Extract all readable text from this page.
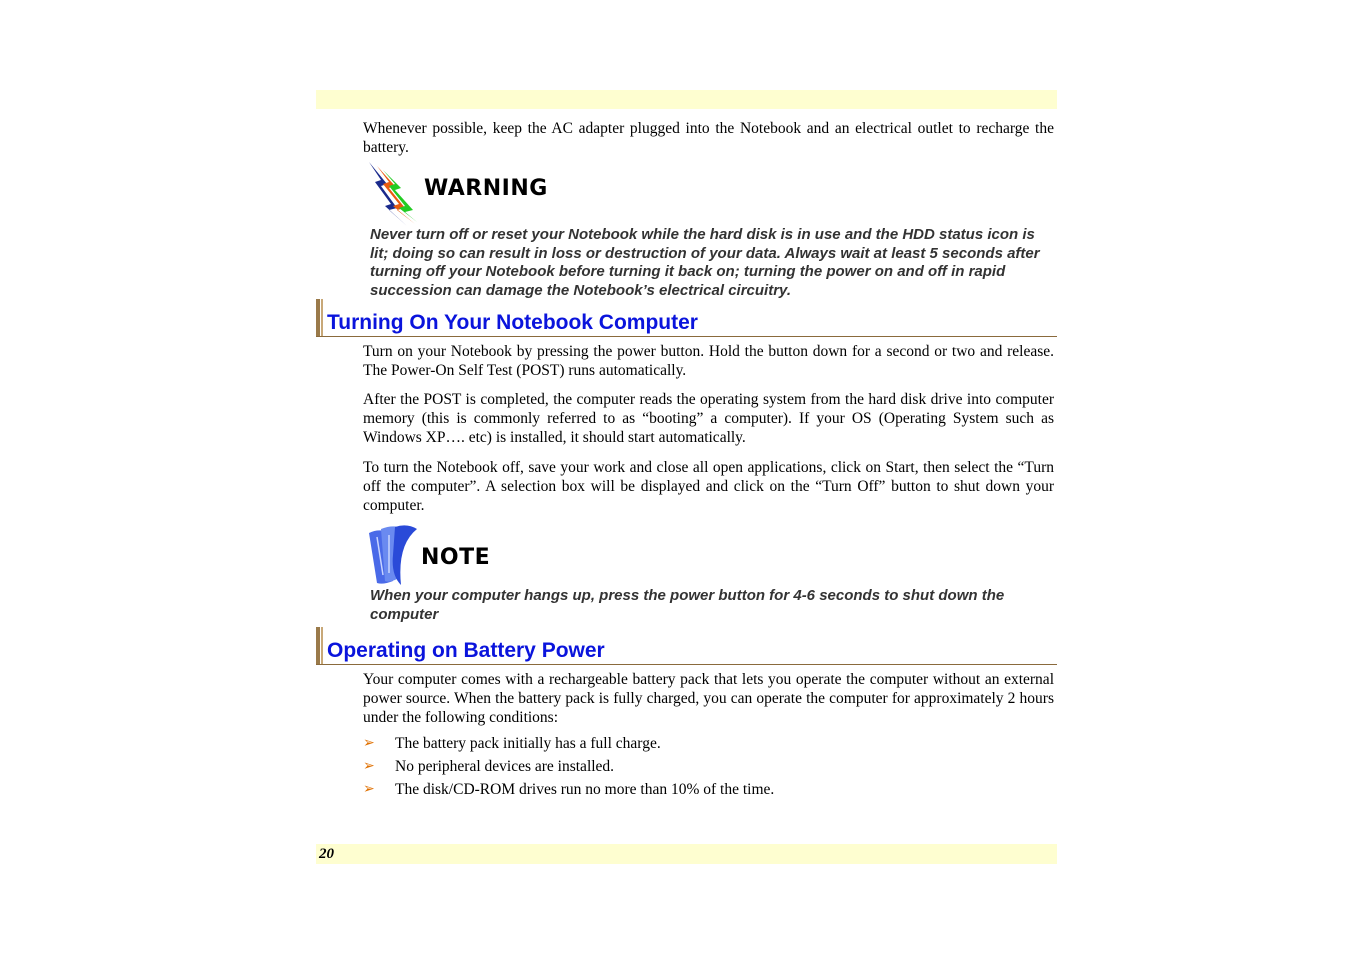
Whenever possible, keep the AC adapter plugged into the Notebook and an electrical outlet to recharge the battery.

WARNING

Never turn off or reset your Notebook while the hard disk is in use and the HDD status icon is lit; doing so can result in loss or destruction of your data. Always wait at least 5 seconds after turning off your Notebook before turning it back on; turning the power on and off in rapid succession can damage the Notebook’s electrical circuitry.

Turning On Your Notebook Computer

Turn on your Notebook by pressing the power button. Hold the button down for a second or two and release. The Power-On Self Test (POST) runs automatically.

After the POST is completed, the computer reads the operating system from the hard disk drive into computer memory (this is commonly referred to as “booting” a computer). If your OS (Operating System such as Windows XP…. etc) is installed, it should start automatically.

To turn the Notebook off, save your work and close all open applications, click on Start, then select the “Turn off the computer”. A selection box will be displayed and click on the “Turn Off” button to shut down your computer.

NOTE

When your computer hangs up, press the power button for 4-6 seconds to shut down the computer

Operating on Battery Power

Your computer comes with a rechargeable battery pack that lets you operate the computer without an external power source. When the battery pack is fully charged, you can operate the computer for approximately 2 hours under the following conditions:

➢ The battery pack initially has a full charge.
➢ No peripheral devices are installed.
➢ The disk/CD-ROM drives run no more than 10% of the time.
20
